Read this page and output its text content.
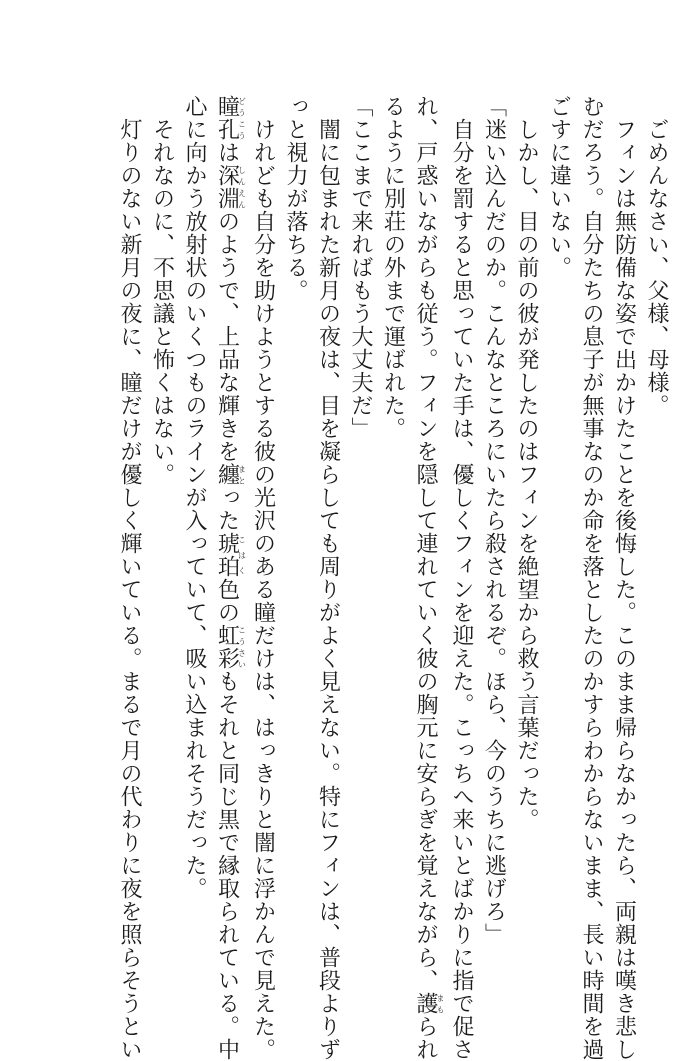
　ごめんなさい、父様、母様。

　フィンは無防備な姿で出かけたことを後悔した。このまま帰らなかったら、両親は嘆き悲し

むだろう。自分たちの息子が無事なのか命を落としたのかすらわからないまま、長い時間を過

ごすに違いない。

　しかし、目の前の彼が発したのはフィンを絶望から救う言葉だった。

「迷い込んだのか。こんなところにいたら殺されるぞ。ほら、今のうちに逃げろ」

　自分を罰すると思っていた手は、優しくフィンを迎えた。こっちへ来いとばかりに指で促さ

れ、戸惑いながらも従う。フィンを隠して連れていく彼の胸元に安らぎを覚えながら、護まもられ

るように別荘の外まで運ばれた。

「ここまで来ればもう大丈夫だ」

　闇に包まれた新月の夜は、目を凝らしても周りがよく見えない。特にフィンは、普段よりず

っと視力が落ちる。

　けれども自分を助けようとする彼の光沢のある瞳だけは、はっきりと闇に浮かんで見えた。

瞳孔どうこうは深淵しんえんのようで、上品な輝きを纏まとった琥珀こはく色の虹彩こうさいもそれと同じ黒で縁取られている。中

心に向かう放射状のいくつものラインが入っていて、吸い込まれそうだった。

　それなのに、不思議と怖くはない。

　灯りのない新月の夜に、瞳だけが優しく輝いている。まるで月の代わりに夜を照らそうとい
